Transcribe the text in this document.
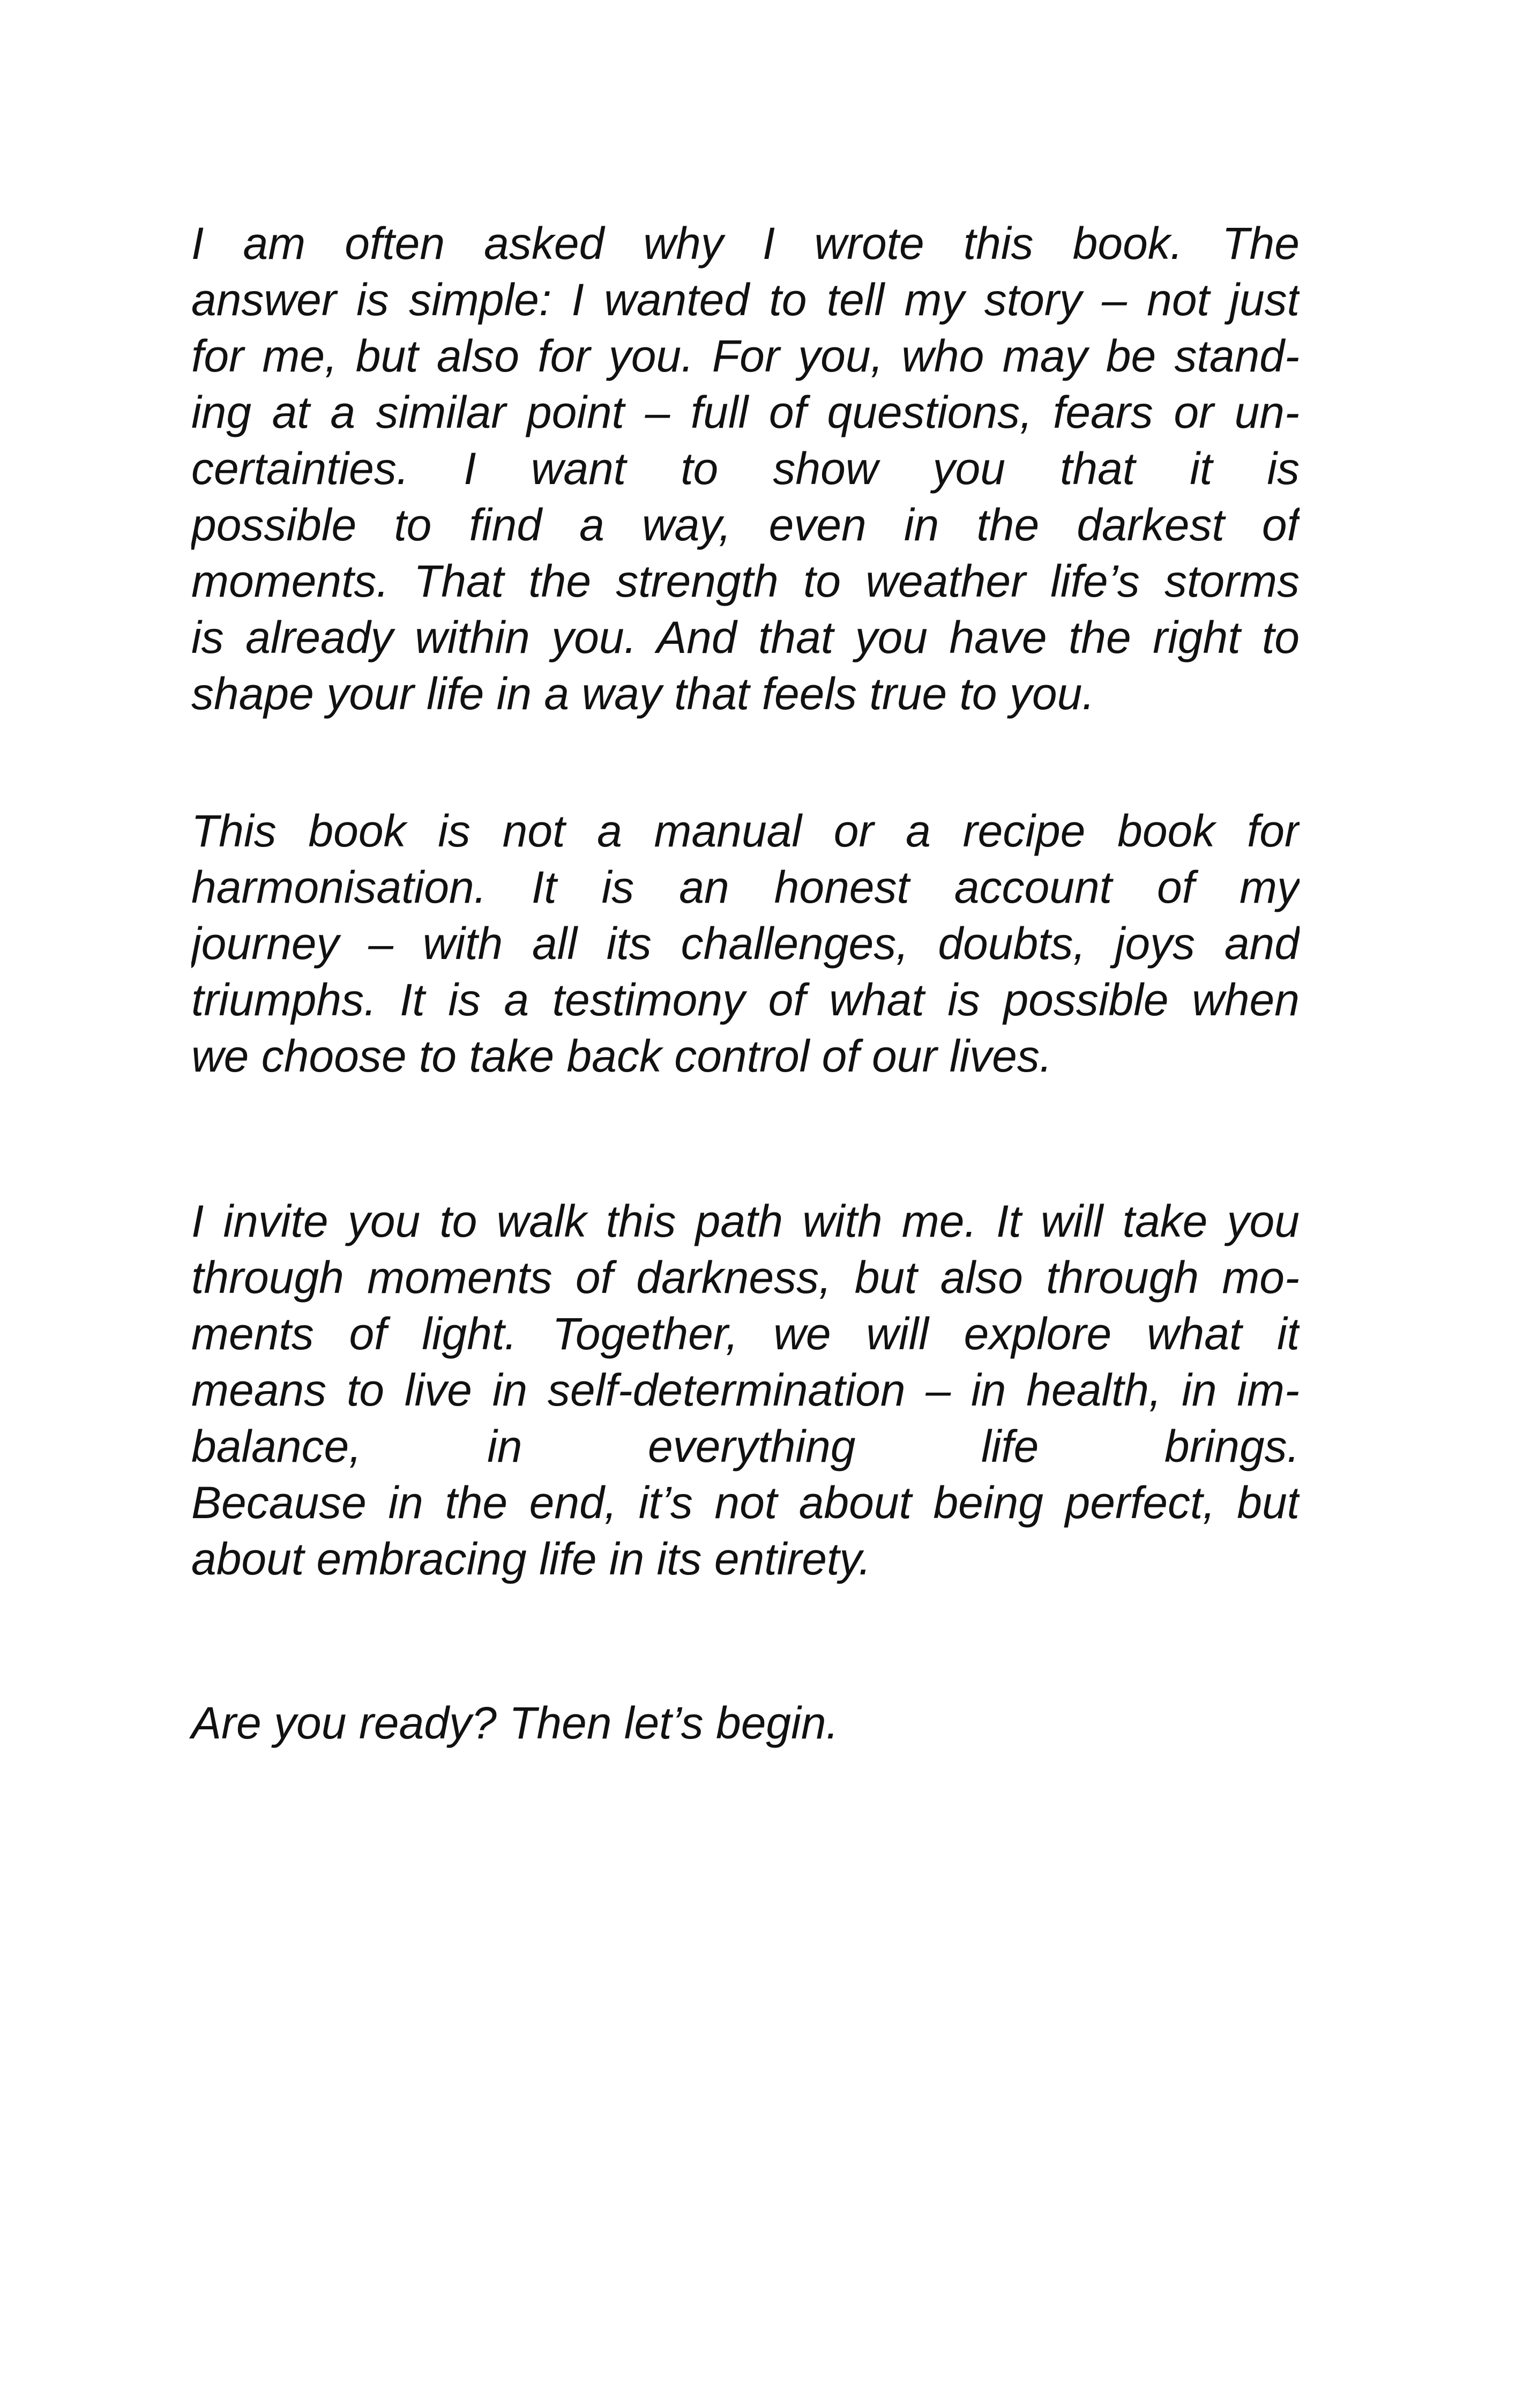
I am often asked why I wrote this book. The
answer is simple: I wanted to tell my story – not just
for me, but also for you. For you, who may be stand-
ing at a similar point – full of questions, fears or un-
certainties. I want to show you that it is
possible to find a way, even in the darkest of
moments. That the strength to weather life’s storms
is already within you. And that you have the right to
shape your life in a way that feels true to you.

This book is not a manual or a recipe book for
harmonisation. It is an honest account of my
journey – with all its challenges, doubts, joys and
triumphs. It is a testimony of what is possible when
we choose to take back control of our lives.

I invite you to walk this path with me. It will take you
through moments of darkness, but also through mo-
ments of light. Together, we will explore what it
means to live in self-determination – in health, in im-
balance, in everything life brings.
Because in the end, it’s not about being perfect, but
about embracing life in its entirety.

Are you ready? Then let’s begin.
